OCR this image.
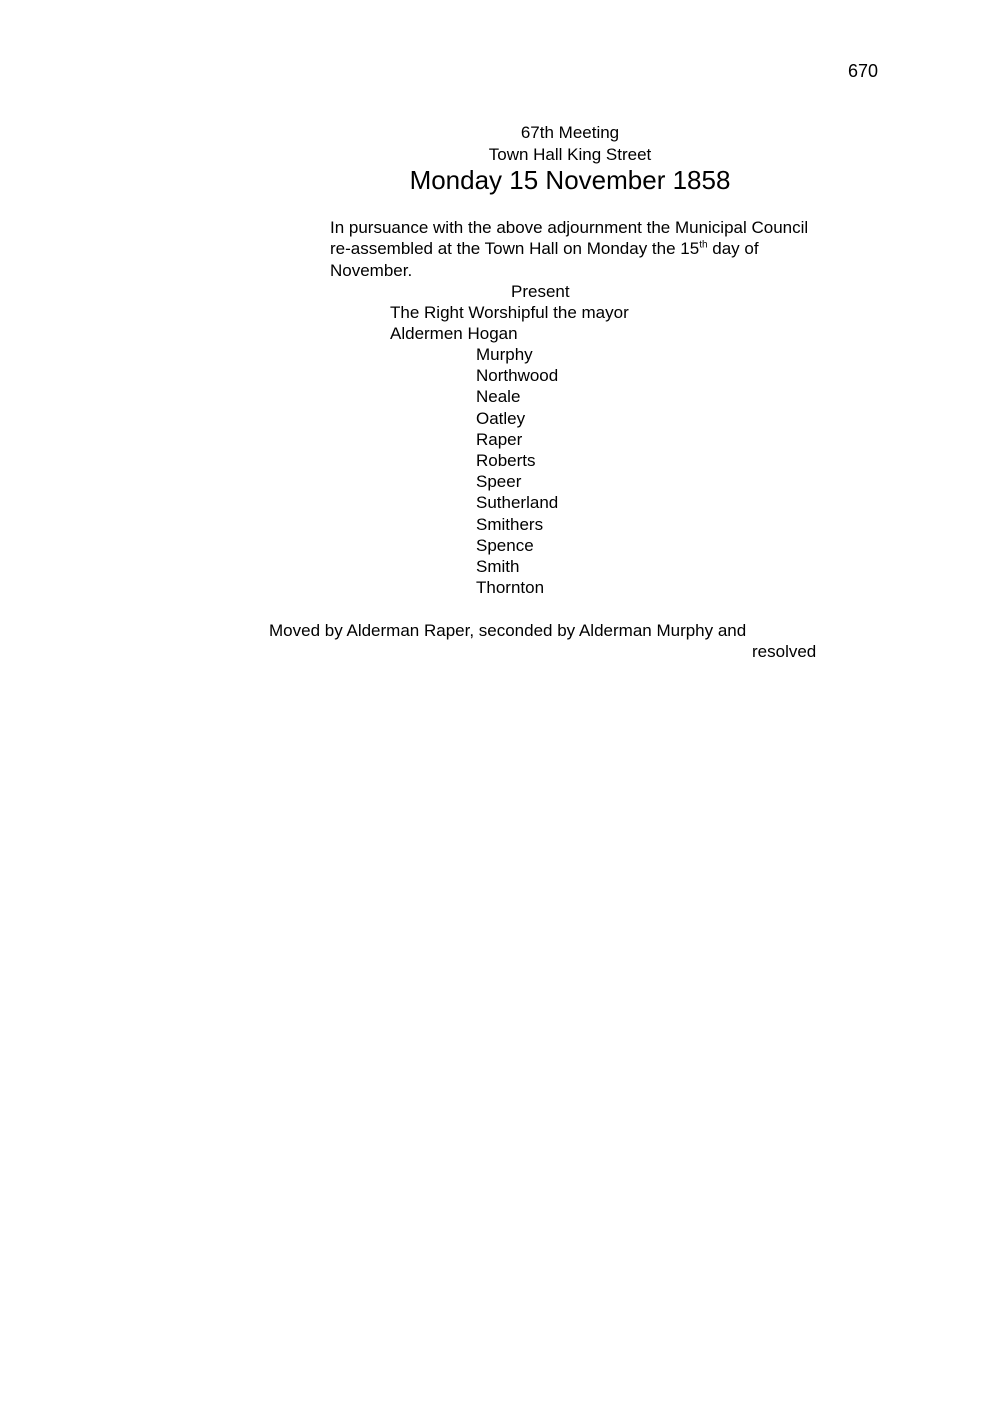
670
67th Meeting
Town Hall King Street
Monday 15 November 1858
In pursuance with the above adjournment the Municipal Council
re-assembled at the Town Hall on Monday the 15th day of
November.
Present
The Right Worshipful the mayor
Aldermen Hogan
Murphy
Northwood
Neale
Oatley
Raper
Roberts
Speer
Sutherland
Smithers
Spence
Smith
Thornton
Moved by Alderman Raper, seconded by Alderman Murphy and
resolved
